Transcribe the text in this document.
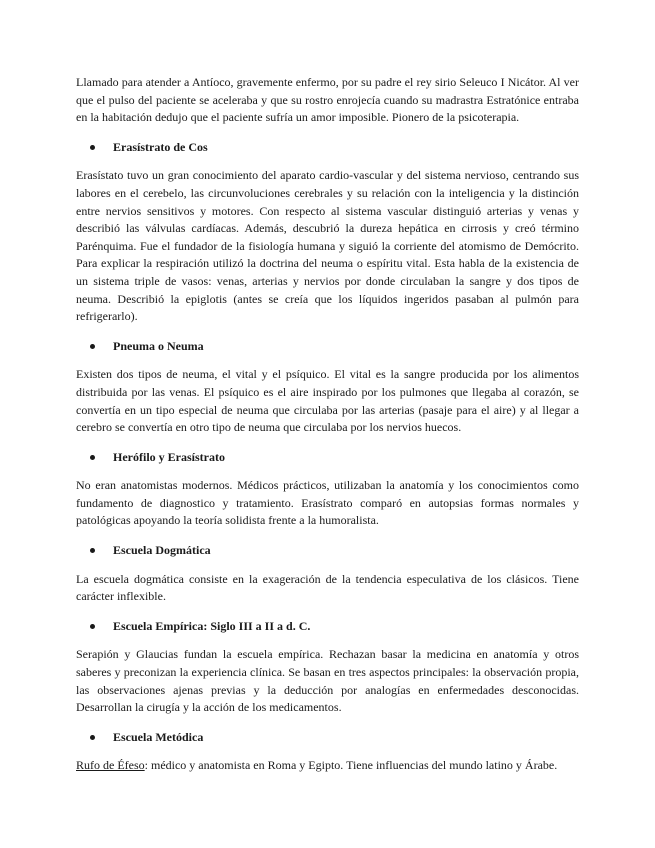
Llamado para atender a Antíoco, gravemente enfermo, por su padre el rey sirio Seleuco I Nicátor. Al ver que el pulso del paciente se aceleraba y que su rostro enrojecía cuando su madrastra Estratónice entraba en la habitación dedujo que el paciente sufría un amor imposible. Pionero de la psicoterapia.

Erasístrato de Cos

Erasístato tuvo un gran conocimiento del aparato cardio-vascular y del sistema nervioso, centrando sus labores en el cerebelo, las circunvoluciones cerebrales y su relación con la inteligencia y la distinción entre nervios sensitivos y motores. Con respecto al sistema vascular distinguió arterias y venas y describió las válvulas cardíacas. Además, descubrió la dureza hepática en cirrosis y creó término Parénquima. Fue el fundador de la fisiología humana y siguió la corriente del atomismo de Demócrito. Para explicar la respiración utilizó la doctrina del neuma o espíritu vital. Esta habla de la existencia de un sistema triple de vasos: venas, arterias y nervios por donde circulaban la sangre y dos tipos de neuma. Describió la epiglotis (antes se creía que los líquidos ingeridos pasaban al pulmón para refrigerarlo).

Pneuma o Neuma

Existen dos tipos de neuma, el vital y el psíquico. El vital es la sangre producida por los alimentos distribuida por las venas. El psíquico es el aire inspirado por los pulmones que llegaba al corazón, se convertía en un tipo especial de neuma que circulaba por las arterias (pasaje para el aire) y al llegar a cerebro se convertía en otro tipo de neuma que circulaba por los nervios huecos.

Herófilo y Erasístrato

No eran anatomistas modernos. Médicos prácticos, utilizaban la anatomía y los conocimientos como fundamento de diagnostico y tratamiento. Erasístrato comparó en autopsias formas normales y patológicas apoyando la teoría solidista frente a la humoralista.

Escuela Dogmática

La escuela dogmática consiste en la exageración de la tendencia especulativa de los clásicos. Tiene carácter inflexible.

Escuela Empírica: Siglo III a II a d. C.

Serapión y Glaucias fundan la escuela empírica. Rechazan basar la medicina en anatomía y otros saberes y preconizan la experiencia clínica. Se basan en tres aspectos principales: la observación propia, las observaciones ajenas previas y la deducción por analogías en enfermedades desconocidas. Desarrollan la cirugía y la acción de los medicamentos.

Escuela Metódica

Rufo de Éfeso: médico y anatomista en Roma y Egipto. Tiene influencias del mundo latino y Árabe.
